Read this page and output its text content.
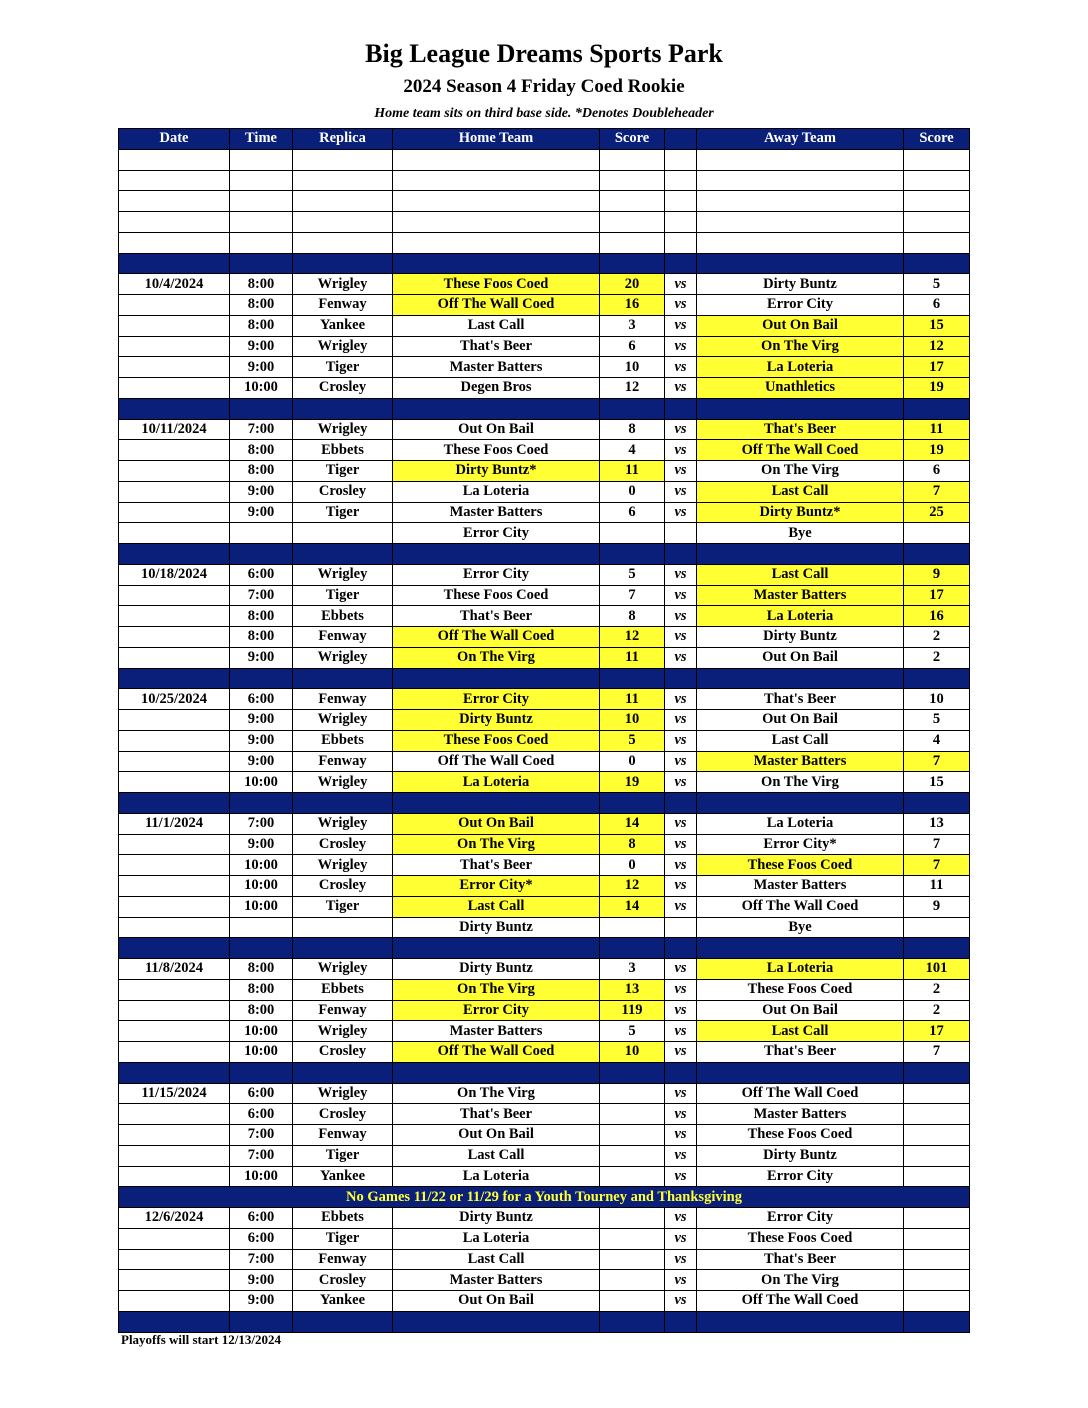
Big League Dreams Sports Park
2024 Season 4 Friday Coed Rookie
Home team sits on third base side. *Denotes Doubleheader
Date	Time	Replica	Home Team	Score		Away Team	Score

10/4/2024	8:00	Wrigley	These Foos Coed	20	vs	Dirty Buntz	5
	8:00	Fenway	Off The Wall Coed	16	vs	Error City	6
	8:00	Yankee	Last Call	3	vs	Out On Bail	15
	9:00	Wrigley	That's Beer	6	vs	On The Virg	12
	9:00	Tiger	Master Batters	10	vs	La Loteria	17
	10:00	Crosley	Degen Bros	12	vs	Unathletics	19

10/11/2024	7:00	Wrigley	Out On Bail	8	vs	That's Beer	11
	8:00	Ebbets	These Foos Coed	4	vs	Off The Wall Coed	19
	8:00	Tiger	Dirty Buntz*	11	vs	On The Virg	6
	9:00	Crosley	La Loteria	0	vs	Last Call	7
	9:00	Tiger	Master Batters	6	vs	Dirty Buntz*	25
			Error City			Bye	

10/18/2024	6:00	Wrigley	Error City	5	vs	Last Call	9
	7:00	Tiger	These Foos Coed	7	vs	Master Batters	17
	8:00	Ebbets	That's Beer	8	vs	La Loteria	16
	8:00	Fenway	Off The Wall Coed	12	vs	Dirty Buntz	2
	9:00	Wrigley	On The Virg	11	vs	Out On Bail	2

10/25/2024	6:00	Fenway	Error City	11	vs	That's Beer	10
	9:00	Wrigley	Dirty Buntz	10	vs	Out On Bail	5
	9:00	Ebbets	These Foos Coed	5	vs	Last Call	4
	9:00	Fenway	Off The Wall Coed	0	vs	Master Batters	7
	10:00	Wrigley	La Loteria	19	vs	On The Virg	15

11/1/2024	7:00	Wrigley	Out On Bail	14	vs	La Loteria	13
	9:00	Crosley	On The Virg	8	vs	Error City*	7
	10:00	Wrigley	That's Beer	0	vs	These Foos Coed	7
	10:00	Crosley	Error City*	12	vs	Master Batters	11
	10:00	Tiger	Last Call	14	vs	Off The Wall Coed	9
			Dirty Buntz			Bye	

11/8/2024	8:00	Wrigley	Dirty Buntz	3	vs	La Loteria	101
	8:00	Ebbets	On The Virg	13	vs	These Foos Coed	2
	8:00	Fenway	Error City	119	vs	Out On Bail	2
	10:00	Wrigley	Master Batters	5	vs	Last Call	17
	10:00	Crosley	Off The Wall Coed	10	vs	That's Beer	7

11/15/2024	6:00	Wrigley	On The Virg		vs	Off The Wall Coed	
	6:00	Crosley	That's Beer		vs	Master Batters	
	7:00	Fenway	Out On Bail		vs	These Foos Coed	
	7:00	Tiger	Last Call		vs	Dirty Buntz	
	10:00	Yankee	La Loteria		vs	Error City	
No Games 11/22 or 11/29 for a Youth Tourney and Thanksgiving							
12/6/2024	6:00	Ebbets	Dirty Buntz		vs	Error City	
	6:00	Tiger	La Loteria		vs	These Foos Coed	
	7:00	Fenway	Last Call		vs	That's Beer	
	9:00	Crosley	Master Batters		vs	On The Virg	
	9:00	Yankee	Out On Bail		vs	Off The Wall Coed	

Playoffs will start 12/13/2024
